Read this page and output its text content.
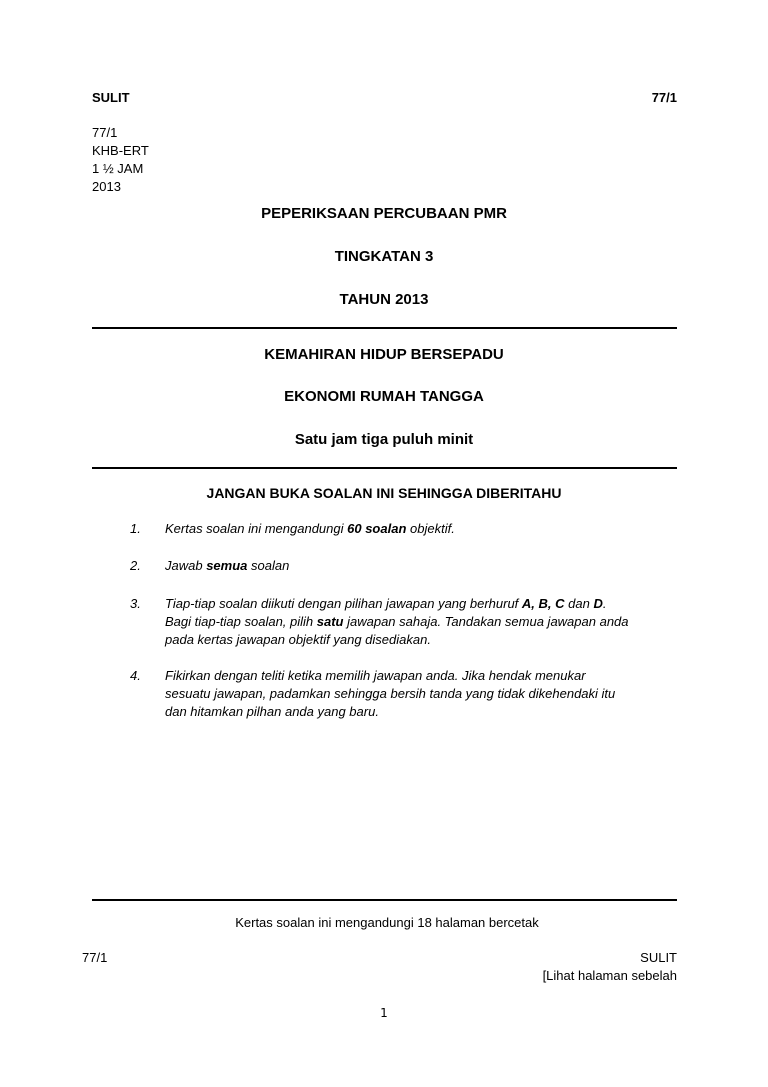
SULIT	77/1
77/1
KHB-ERT
1 ½ JAM
2013
PEPERIKSAAN PERCUBAAN PMR
TINGKATAN 3
TAHUN 2013
KEMAHIRAN HIDUP BERSEPADU
EKONOMI RUMAH TANGGA
Satu jam tiga puluh minit
JANGAN BUKA SOALAN INI SEHINGGA DIBERITAHU
1. Kertas soalan ini mengandungi 60 soalan objektif.
2. Jawab semua soalan
3. Tiap-tiap soalan diikuti dengan pilihan jawapan yang berhuruf A, B, C dan D.
Bagi tiap-tiap soalan, pilih satu jawapan sahaja. Tandakan semua jawapan anda
pada kertas jawapan objektif yang disediakan.
4. Fikirkan dengan teliti ketika memilih jawapan anda. Jika hendak menukar
sesuatu jawapan, padamkan sehingga bersih tanda yang tidak dikehendaki itu
dan hitamkan pilhan anda yang baru.
Kertas soalan ini mengandungi 18 halaman bercetak
77/1	SULIT
[Lihat halaman sebelah
1
